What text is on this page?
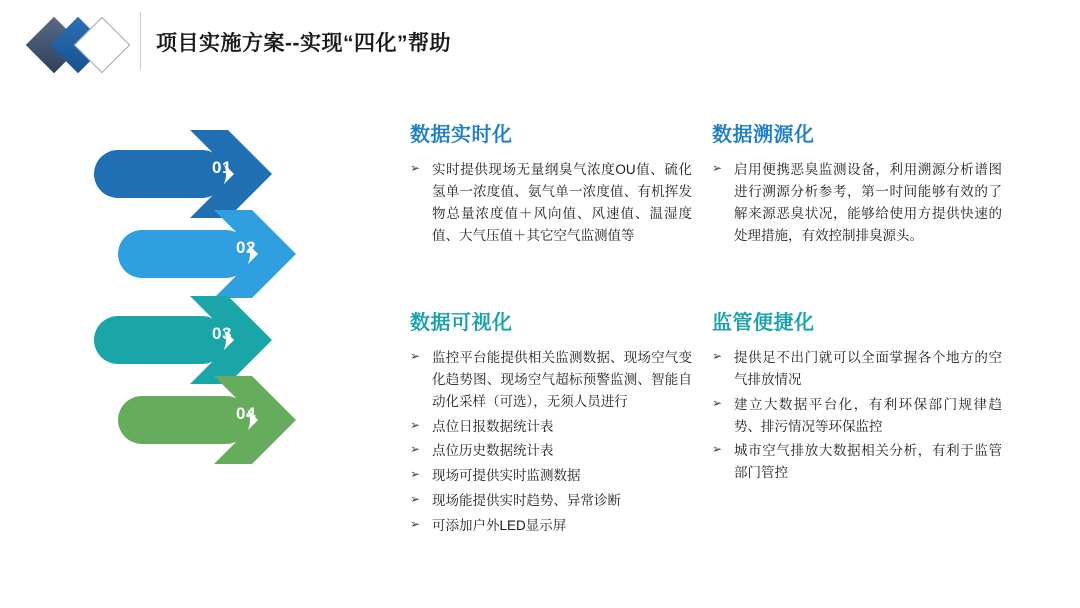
项目实施方案--实现“四化”帮助
01
02
03
04
数据实时化
➢ 实时提供现场无量纲臭气浓度OU值、硫化氢单一浓度值、氨气单一浓度值、有机挥发物总量浓度值＋风向值、风速值、温湿度值、大气压值＋其它空气监测值等
数据可视化
➢ 监控平台能提供相关监测数据、现场空气变化趋势图、现场空气超标预警监测、智能自动化采样（可选），无须人员进行
➢ 点位日报数据统计表
➢ 点位历史数据统计表
➢ 现场可提供实时监测数据
➢ 现场能提供实时趋势、异常诊断
➢ 可添加户外LED显示屏
数据溯源化
➢ 启用便携恶臭监测设备，利用溯源分析谱图进行溯源分析参考，第一时间能够有效的了解来源恶臭状况，能够给使用方提供快速的处理措施，有效控制排臭源头。
监管便捷化
➢ 提供足不出门就可以全面掌握各个地方的空气排放情况
➢ 建立大数据平台化，有利环保部门规律趋势、排污情况等环保监控
➢ 城市空气排放大数据相关分析，有利于监管部门管控
